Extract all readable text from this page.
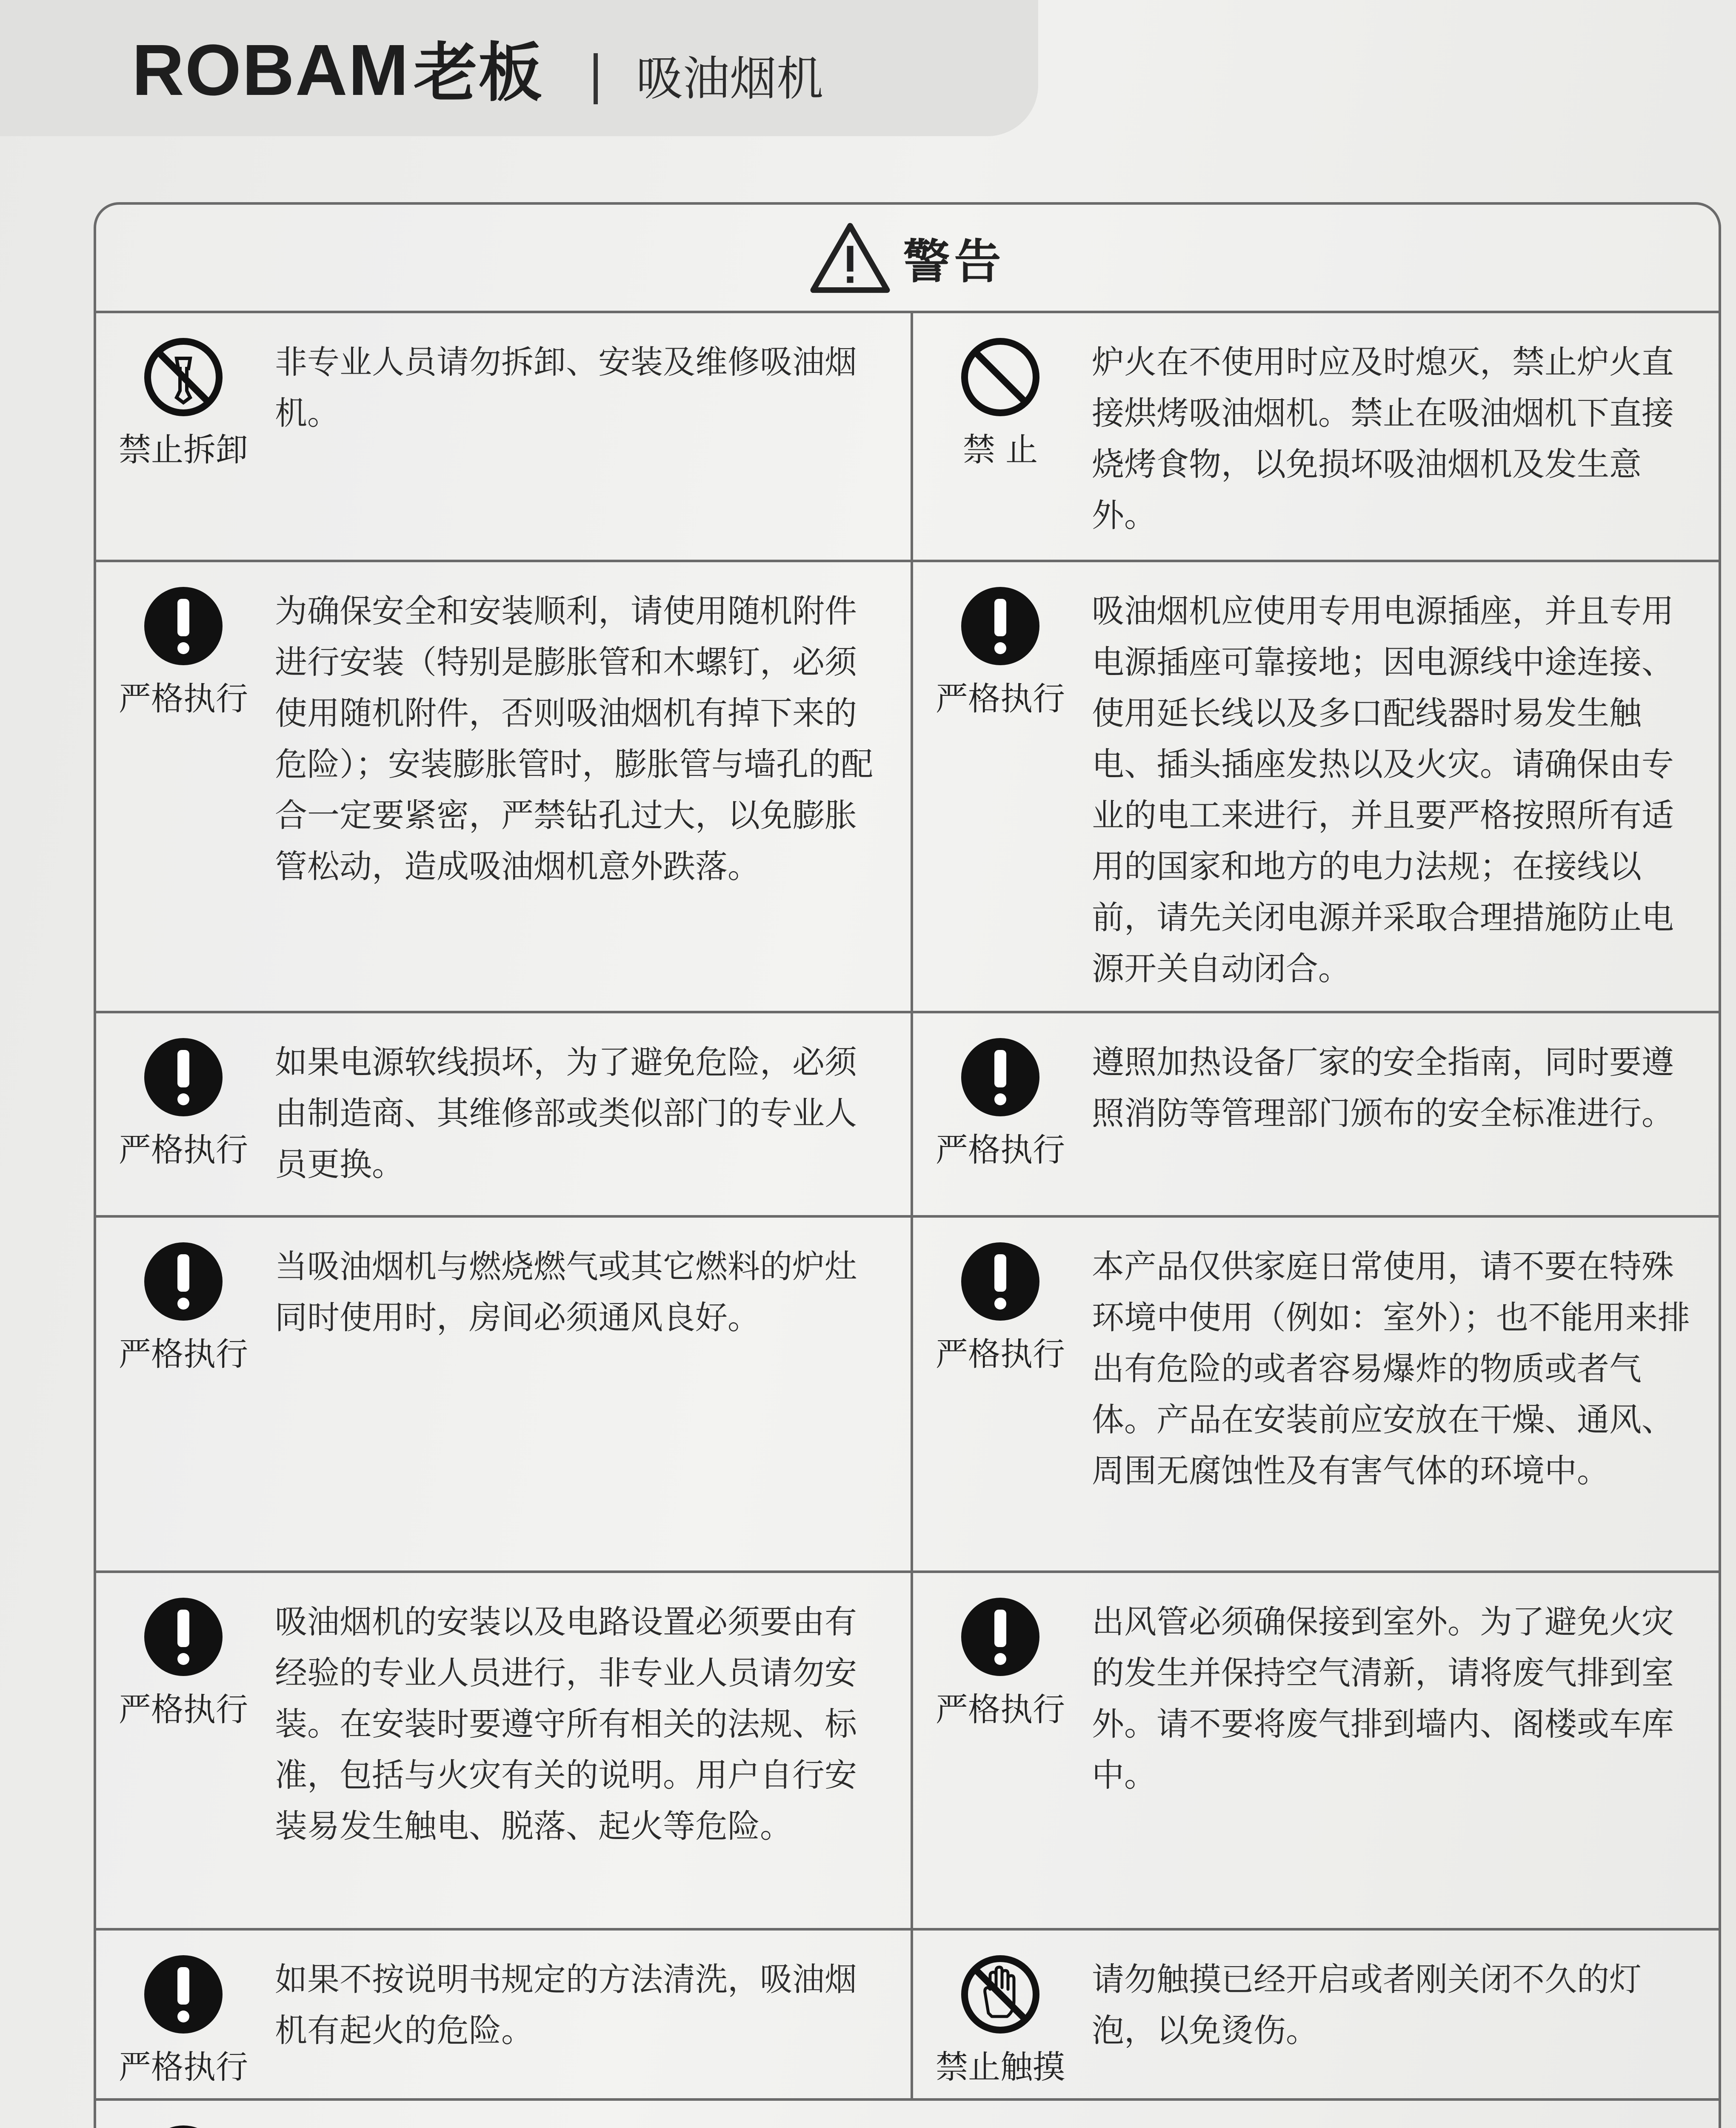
ROBAM老板 吸油烟机
警告
禁止拆卸
非专业人员请勿拆卸、安装及维修吸油烟机。
禁 止
炉火在不使用时应及时熄灭，禁止炉火直接烘烤吸油烟机。禁止在吸油烟机下直接烧烤食物，以免损坏吸油烟机及发生意外。
严格执行
为确保安全和安装顺利，请使用随机附件进行安装（特别是膨胀管和木螺钉，必须使用随机附件，否则吸油烟机有掉下来的危险）；安装膨胀管时，膨胀管与墙孔的配合一定要紧密，严禁钻孔过大，以免膨胀管松动，造成吸油烟机意外跌落。
严格执行
吸油烟机应使用专用电源插座，并且专用电源插座可靠接地；因电源线中途连接、使用延长线以及多口配线器时易发生触电、插头插座发热以及火灾。请确保由专业的电工来进行，并且要严格按照所有适用的国家和地方的电力法规；在接线以前，请先关闭电源并采取合理措施防止电源开关自动闭合。
严格执行
如果电源软线损坏，为了避免危险，必须由制造商、其维修部或类似部门的专业人员更换。	严格执行
遵照加热设备厂家的安全指南，同时要遵照消防等管理部门颁布的安全标准进行。
严格执行
当吸油烟机与燃烧燃气或其它燃料的炉灶同时使用时，房间必须通风良好。
严格执行
本产品仅供家庭日常使用，请不要在特殊环境中使用（例如：室外）；也不能用来排出有危险的或者容易爆炸的物质或者气体。产品在安装前应安放在干燥、通风、周围无腐蚀性及有害气体的环境中。
严格执行
吸油烟机的安装以及电路设置必须要由有经验的专业人员进行，非专业人员请勿安装。在安装时要遵守所有相关的法规、标准，包括与火灾有关的说明。用户自行安装易发生触电、脱落、起火等危险。
严格执行
出风管必须确保接到室外。为了避免火灾的发生并保持空气清新，请将废气排到室外。请不要将废气排到墙内、阁楼或车库中。
严格执行
如果不按说明书规定的方法清洗，吸油烟机有起火的危险。
禁止触摸
请勿触摸已经开启或者刚关闭不久的灯泡，以免烫伤。
